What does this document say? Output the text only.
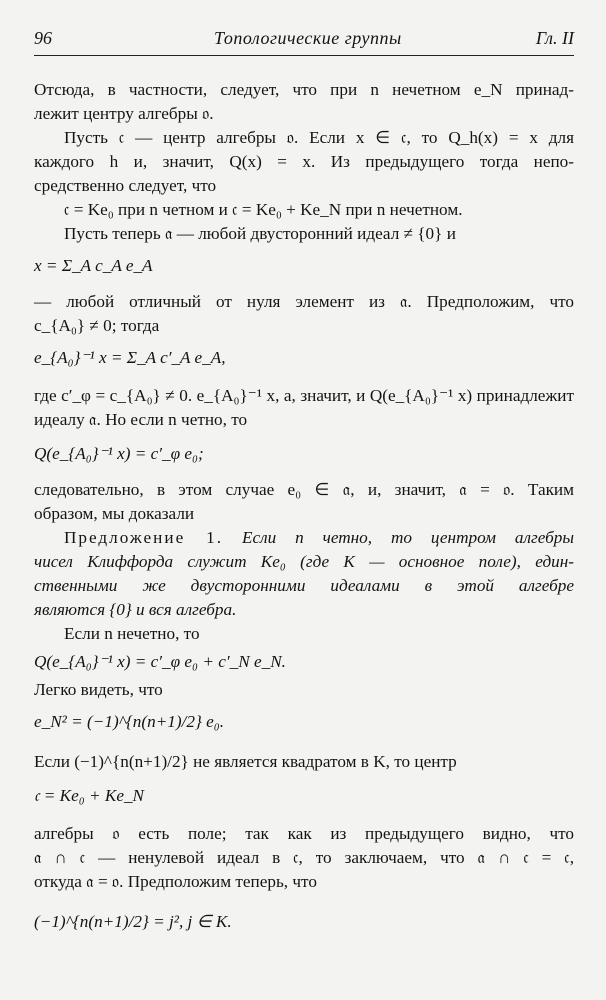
96	Топологические группы	Гл. II

Отсюда, в частности, следует, что при n нечетном e_N принад-

лежит центру алгебры 𝔬.

Пусть 𝔠 — центр алгебры 𝔬. Если x ∈ 𝔠, то Q_h(x) = x для

каждого h и, значит, Q(x) = x. Из предыдущего тогда непо-

средственно следует, что

𝔠 = Ke₀ при n четном и 𝔠 = Ke₀ + Ke_N при n нечетном.

Пусть теперь 𝔞 — любой двусторонний идеал ≠ {0} и

x = Σ_A c_A e_A

— любой отличный от нуля элемент из 𝔞. Предположим, что

c_{A₀} ≠ 0; тогда

e_{A₀}⁻¹ x = Σ_A c′_A e_A,

где c′_φ = c_{A₀} ≠ 0. e_{A₀}⁻¹ x, а, значит, и Q(e_{A₀}⁻¹ x) принадлежит

идеалу 𝔞. Но если n четно, то

Q(e_{A₀}⁻¹ x) = c′_φ e₀;

следовательно, в этом случае e₀ ∈ 𝔞, и, значит, 𝔞 = 𝔬. Таким

образом, мы доказали

Предложение 1. Если n четно, то центром алгебры

чисел Клиффорда служит Ke₀ (где K — основное поле), един-

ственными же двусторонними идеалами в этой алгебре

являются {0} и вся алгебра.

Если n нечетно, то

Q(e_{A₀}⁻¹ x) = c′_φ e₀ + c′_N e_N.

Легко видеть, что

e_N² = (−1)^{n(n+1)/2} e₀.

Если (−1)^{n(n+1)/2} не является квадратом в K, то центр

𝔠 = Ke₀ + Ke_N

алгебры 𝔬 есть поле; так как из предыдущего видно, что

𝔞 ∩ 𝔠 — ненулевой идеал в 𝔠, то заключаем, что 𝔞 ∩ 𝔠 = 𝔠,

откуда 𝔞 = 𝔬. Предположим теперь, что

(−1)^{n(n+1)/2} = j², j ∈ K.
